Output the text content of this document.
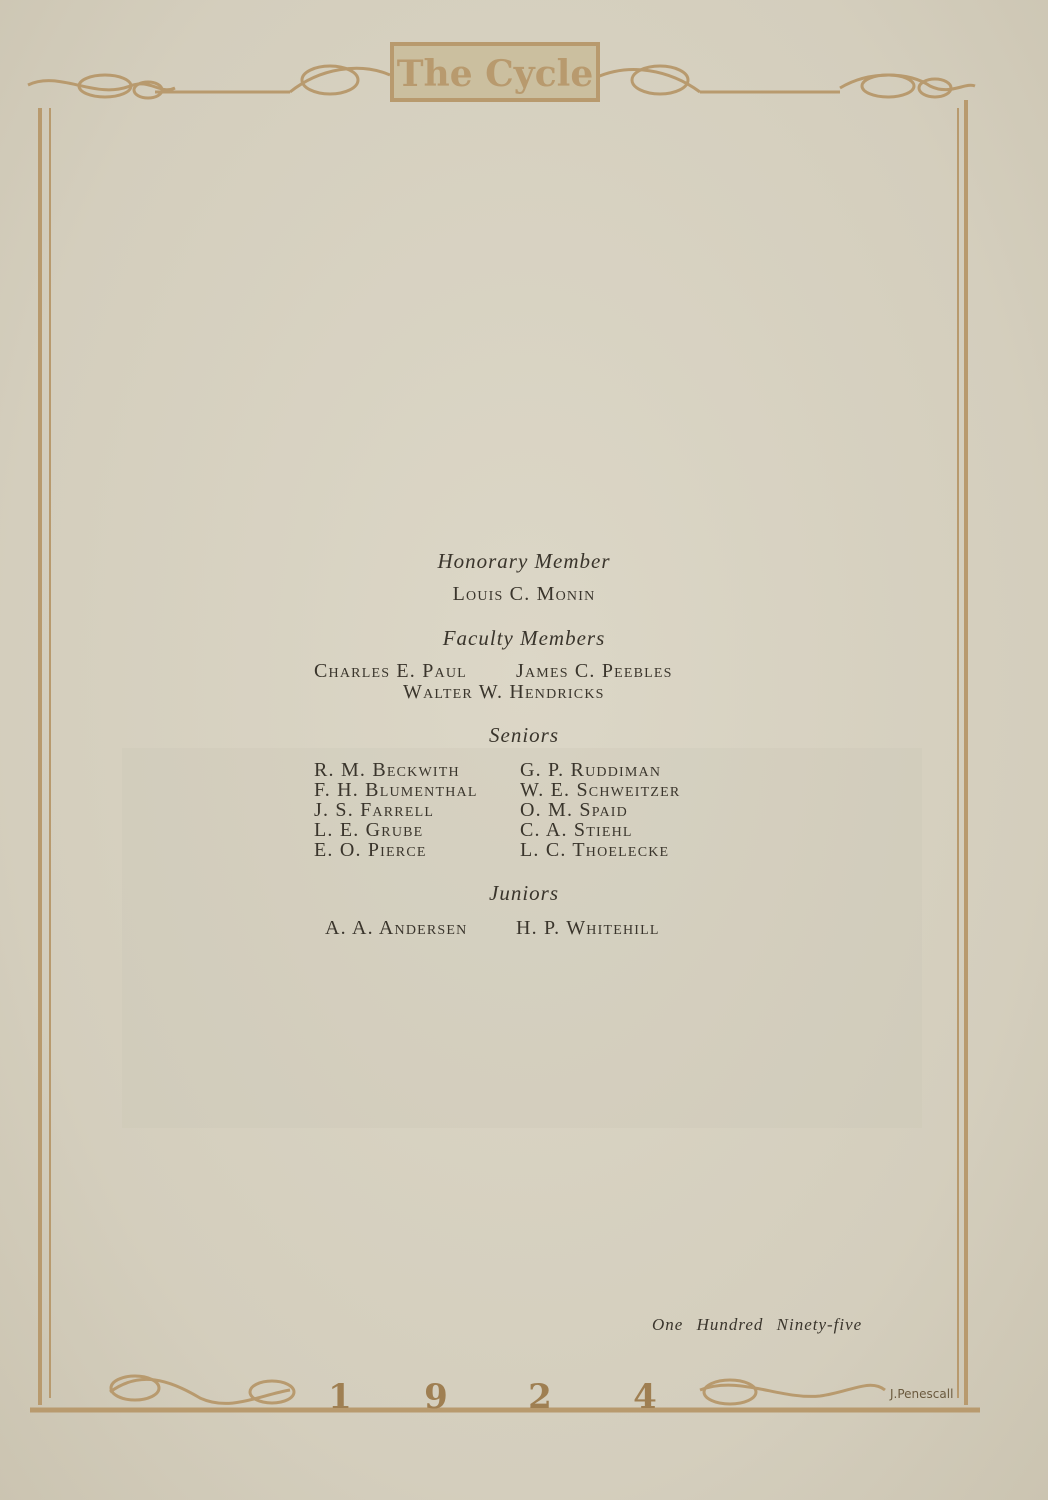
The Cycle
1 9 2 4	J.Penescall
Honorary Member
Louis C. Monin
Faculty Members
Charles E. Paul James C. Peebles
Walter W. Hendricks
Seniors
R. M. Beckwith
F. H. Blumenthal
J. S. Farrell
L. E. Grube
E. O. Pierce
G. P. Ruddiman
W. E. Schweitzer
O. M. Spaid
C. A. Stiehl
L. C. Thoelecke
Juniors
A. A. Andersen H. P. Whitehill
One Hundred Ninety-five
